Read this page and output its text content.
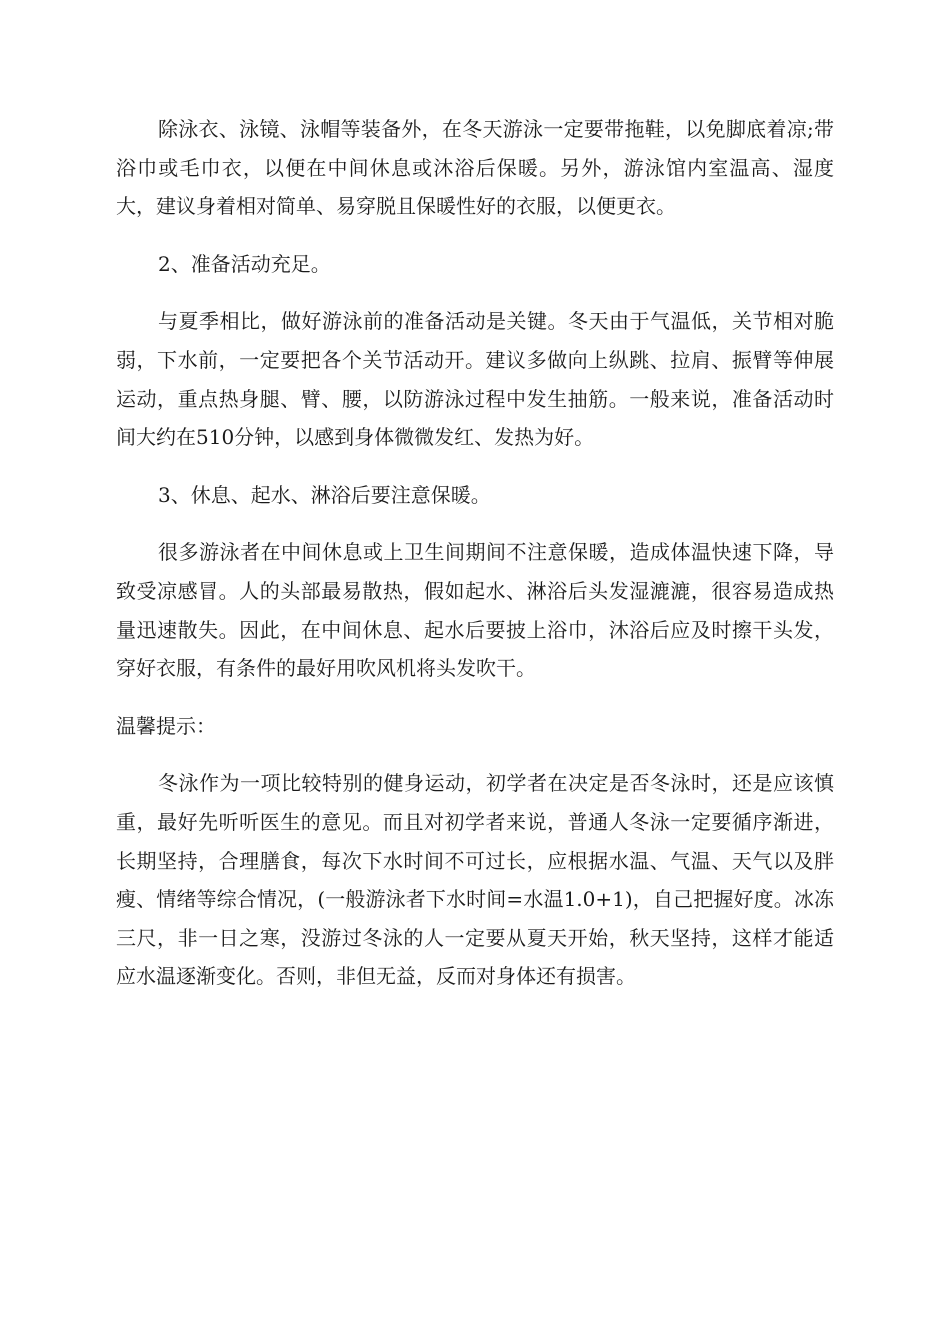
除泳衣、泳镜、泳帽等装备外，在冬天游泳一定要带拖鞋，以免脚底着凉;带浴巾或毛巾衣，以便在中间休息或沐浴后保暖。另外，游泳馆内室温高、湿度大，建议身着相对简单、易穿脱且保暖性好的衣服，以便更衣。

2、准备活动充足。

与夏季相比，做好游泳前的准备活动是关键。冬天由于气温低，关节相对脆弱，下水前，一定要把各个关节活动开。建议多做向上纵跳、拉肩、振臂等伸展运动，重点热身腿、臂、腰，以防游泳过程中发生抽筋。一般来说，准备活动时间大约在510分钟，以感到身体微微发红、发热为好。

3、休息、起水、淋浴后要注意保暖。

很多游泳者在中间休息或上卫生间期间不注意保暖，造成体温快速下降，导致受凉感冒。人的头部最易散热，假如起水、淋浴后头发湿漉漉，很容易造成热量迅速散失。因此，在中间休息、起水后要披上浴巾，沐浴后应及时擦干头发，穿好衣服，有条件的最好用吹风机将头发吹干。

温馨提示：

冬泳作为一项比较特别的健身运动，初学者在决定是否冬泳时，还是应该慎重，最好先听听医生的意见。而且对初学者来说，普通人冬泳一定要循序渐进，长期坚持，合理膳食，每次下水时间不可过长，应根据水温、气温、天气以及胖瘦、情绪等综合情况，(一般游泳者下水时间=水温1.0+1)，自己把握好度。冰冻三尺，非一日之寒，没游过冬泳的人一定要从夏天开始，秋天坚持，这样才能适应水温逐渐变化。否则，非但无益，反而对身体还有损害。
